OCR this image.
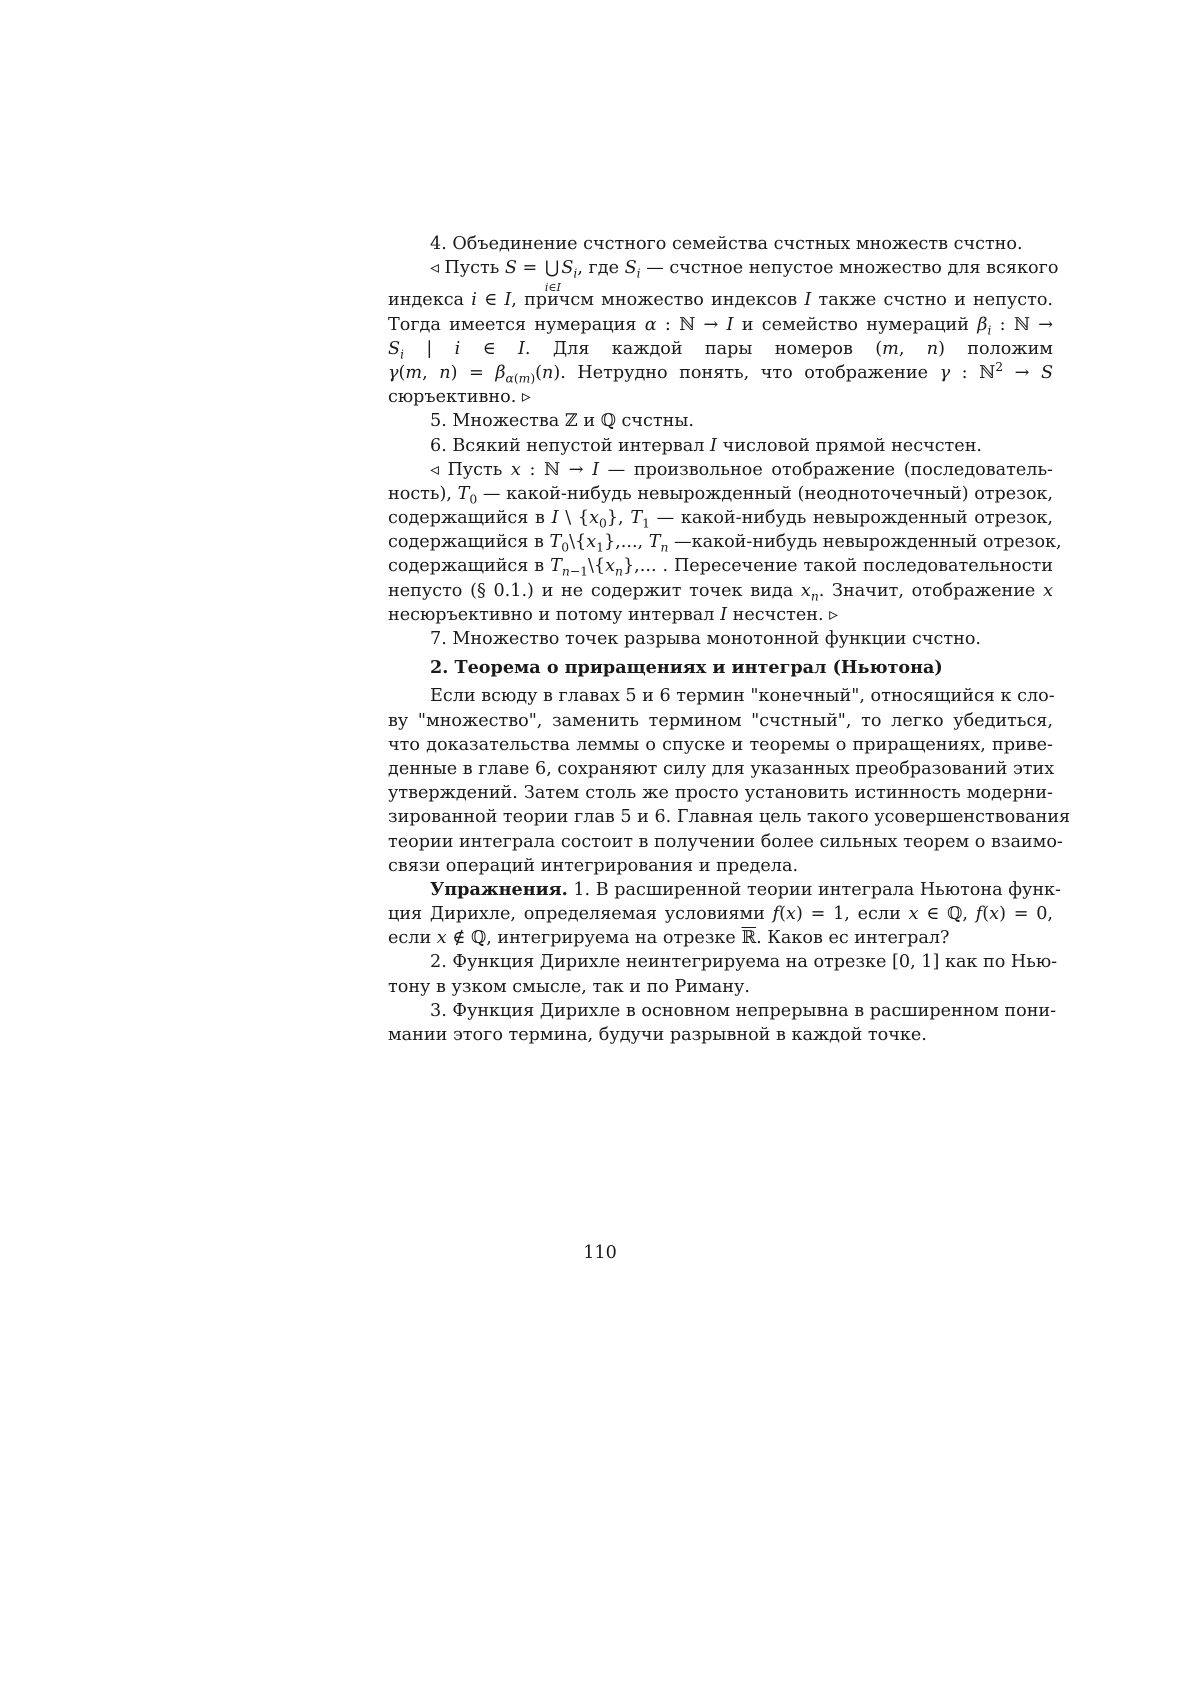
4. Объединение счстного семейства счстных множеств счстно.
◃ Пусть S = ⋃
i∈I
$S_i$, где $S_i$ — счстное непустое множество для всякого
индекса i ∈ I, причсм множество индексов I также счстно и непусто.
Тогда имеется нумерация α : ℕ → I и семейство нумераций $\beta_i$ : ℕ →
$S_i$ | i ∈ I. Для каждой пары номеров (m, n) положим
γ(m, $n) = \beta_{\alpha(m)}(n)$. Нетрудно понять, что отображение γ : ℕ$^2$ → S
сюръективно. ▹
5. Множества ℤ и ℚ счстны.
6. Всякий непустой интервал I числовой прямой несчстен.
◃ Пусть x : ℕ → I — произвольное отображение (последователь-
ность), $T_0$ — какой-нибудь невырожденный (неодноточечный) отрезок,
содержащийся в I \ $\{x_0\}$, $T_1$ — какой-нибудь невырожденный отрезок,
содержащийся в $T_0\backslash\{x_1\}$,..., $T_n$ —какой-нибудь невырожденный отрезок,
содержащийся в $T_{n-1}\backslash\{x_n\}$,... . Пересечение такой последовательности
непусто (§ 0.1.) и не содержит точек вида $x_n$. Значит, отображение x
несюръективно и потому интервал I несчстен. ▹
7. Множество точек разрыва монотонной функции счстно.
2. Теорема о приращениях и интеграл (Ньютона)
Если всюду в главах 5 и 6 термин "конечный", относящийся к сло-
ву "множество", заменить термином "счстный", то легко убедиться,
что доказательства леммы о спуске и теоремы о приращениях, приве-
денные в главе 6, сохраняют силу для указанных преобразований этих
утверждений. Затем столь же просто установить истинность модерни-
зированной теории глав 5 и 6. Главная цель такого усовершенствования
теории интеграла состоит в получении более сильных теорем о взаимо-
связи операций интегрирования и предела.
Упражнения. 1. В расширенной теории интеграла Ньютона функ-
ция Дирихле, определяемая условиями f(x) = 1, если x ∈ ℚ, f(x) = 0,
если x ∉ ℚ, интегрируема на отрезке ℝ. Каков ес интеграл?
2. Функция Дирихле неинтегрируема на отрезке [0, 1] как по Нью-
тону в узком смысле, так и по Риману.
3. Функция Дирихле в основном непрерывна в расширенном пони-
мании этого термина, будучи разрывной в каждой точке.
110
